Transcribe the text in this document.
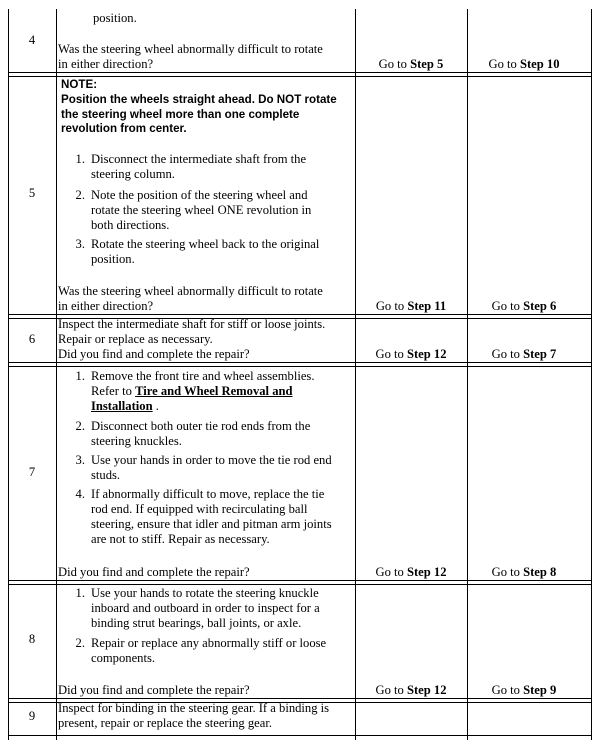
4
position.
Was the steering wheel abnormally difficult to rotate
in either direction?	Go to Step 5	Go to Step 10
5
NOTE:
Position the wheels straight ahead. Do NOT rotate
the steering wheel more than one complete
revolution from center.
1. Disconnect the intermediate shaft from the
steering column.
2. Note the position of the steering wheel and
rotate the steering wheel ONE revolution in
both directions.
3. Rotate the steering wheel back to the original
position.
Was the steering wheel abnormally difficult to rotate
in either direction?	Go to Step 11	Go to Step 6
6
Inspect the intermediate shaft for stiff or loose joints.
Repair or replace as necessary.
Did you find and complete the repair?	Go to Step 12	Go to Step 7
7
1. Remove the front tire and wheel assemblies.
Refer to Tire and Wheel Removal and
Installation .
2. Disconnect both outer tie rod ends from the
steering knuckles.
3. Use your hands in order to move the tie rod end
studs.
4. If abnormally difficult to move, replace the tie
rod end. If equipped with recirculating ball
steering, ensure that idler and pitman arm joints
are not to stiff. Repair as necessary.
Did you find and complete the repair?	Go to Step 12	Go to Step 8
8
1. Use your hands to rotate the steering knuckle
inboard and outboard in order to inspect for a
binding strut bearings, ball joints, or axle.
2. Repair or replace any abnormally stiff or loose
components.
Did you find and complete the repair?	Go to Step 12	Go to Step 9
9
Inspect for binding in the steering gear. If a binding is
present, repair or replace the steering gear.
